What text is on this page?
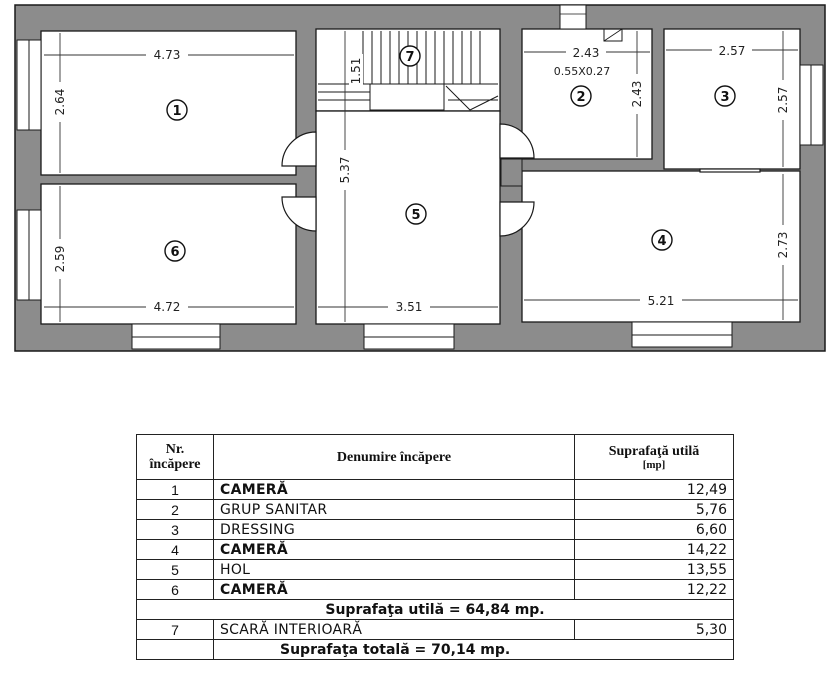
4.73
2.64
4.72
2.59
1.51
5.37
3.51
2.43
0.55X0.27
2.43
2.57
2.57
5.21
2.73
1
2	3
4
5
6
7
Nr.
încăpere	Denumire încăpere	Suprafaţă utilă
[mp]

1	CAMERĂ	12,49
2	GRUP SANITAR	5,76
3	DRESSING	6,60
4	CAMERĂ	14,22
5	HOL	13,55
6	CAMERĂ	12,22
Suprafaţa utilă = 64,84 mp.		
7	SCARĂ INTERIOARĂ	5,30
	Suprafaţa totală = 70,14 mp.	
